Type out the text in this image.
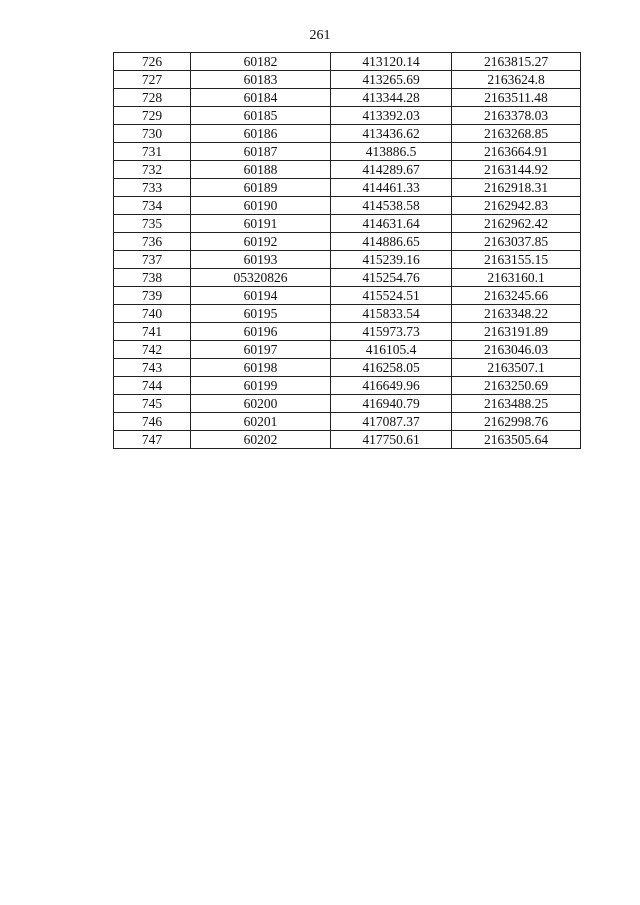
261
726	60182	413120.14	2163815.27
727	60183	413265.69	2163624.8
728	60184	413344.28	2163511.48
729	60185	413392.03	2163378.03
730	60186	413436.62	2163268.85
731	60187	413886.5	2163664.91
732	60188	414289.67	2163144.92
733	60189	414461.33	2162918.31
734	60190	414538.58	2162942.83
735	60191	414631.64	2162962.42
736	60192	414886.65	2163037.85
737	60193	415239.16	2163155.15
738	05320826	415254.76	2163160.1
739	60194	415524.51	2163245.66
740	60195	415833.54	2163348.22
741	60196	415973.73	2163191.89
742	60197	416105.4	2163046.03
743	60198	416258.05	2163507.1
744	60199	416649.96	2163250.69
745	60200	416940.79	2163488.25
746	60201	417087.37	2162998.76
747	60202	417750.61	2163505.64
